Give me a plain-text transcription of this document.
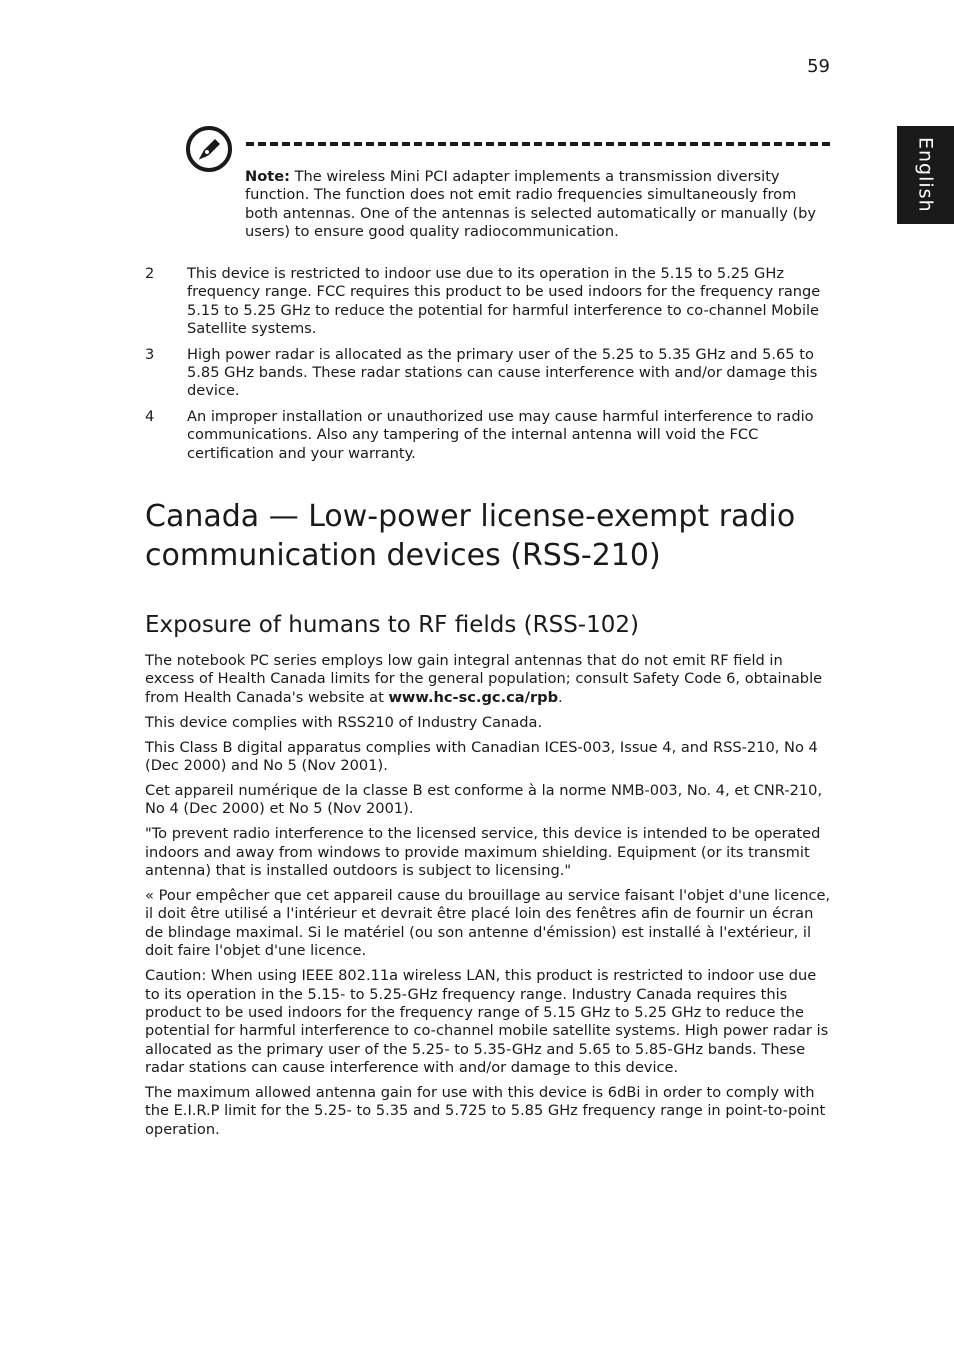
59
English
Note: The wireless Mini PCI adapter implements a transmission diversity function. The function does not emit radio frequencies simultaneously from both antennas. One of the antennas is selected automatically or manually (by users) to ensure good quality radiocommunication.
2	This device is restricted to indoor use due to its operation in the 5.15 to 5.25 GHz frequency range. FCC requires this product to be used indoors for the frequency range 5.15 to 5.25 GHz to reduce the potential for harmful interference to co-channel Mobile Satellite systems.
3	High power radar is allocated as the primary user of the 5.25 to 5.35 GHz and 5.65 to 5.85 GHz bands. These radar stations can cause interference with and/or damage this device.
4	An improper installation or unauthorized use may cause harmful interference to radio communications. Also any tampering of the internal antenna will void the FCC certification and your warranty.
Canada — Low-power license-exempt radio communication devices (RSS-210)
Exposure of humans to RF fields (RSS-102)

The notebook PC series employs low gain integral antennas that do not emit RF field in excess of Health Canada limits for the general population; consult Safety Code 6, obtainable from Health Canada's website at www.hc-sc.gc.ca/rpb.

This device complies with RSS210 of Industry Canada.

This Class B digital apparatus complies with Canadian ICES-003, Issue 4, and RSS-210, No 4 (Dec 2000) and No 5 (Nov 2001).

Cet appareil numérique de la classe B est conforme à la norme NMB-003, No. 4, et CNR-210, No 4 (Dec 2000) et No 5 (Nov 2001).

"To prevent radio interference to the licensed service, this device is intended to be operated indoors and away from windows to provide maximum shielding. Equipment (or its transmit antenna) that is installed outdoors is subject to licensing."

« Pour empêcher que cet appareil cause du brouillage au service faisant l'objet d'une licence, il doit être utilisé a l'intérieur et devrait être placé loin des fenêtres afin de fournir un écran de blindage maximal. Si le matériel (ou son antenne d'émission) est installé à l'extérieur, il doit faire l'objet d'une licence.

Caution: When using IEEE 802.11a wireless LAN, this product is restricted to indoor use due to its operation in the 5.15- to 5.25-GHz frequency range. Industry Canada requires this product to be used indoors for the frequency range of 5.15 GHz to 5.25 GHz to reduce the potential for harmful interference to co-channel mobile satellite systems. High power radar is allocated as the primary user of the 5.25- to 5.35-GHz and 5.65 to 5.85-GHz bands. These radar stations can cause interference with and/or damage to this device.

The maximum allowed antenna gain for use with this device is 6dBi in order to comply with the E.I.R.P limit for the 5.25- to 5.35 and 5.725 to 5.85 GHz frequency range in point-to-point operation.
